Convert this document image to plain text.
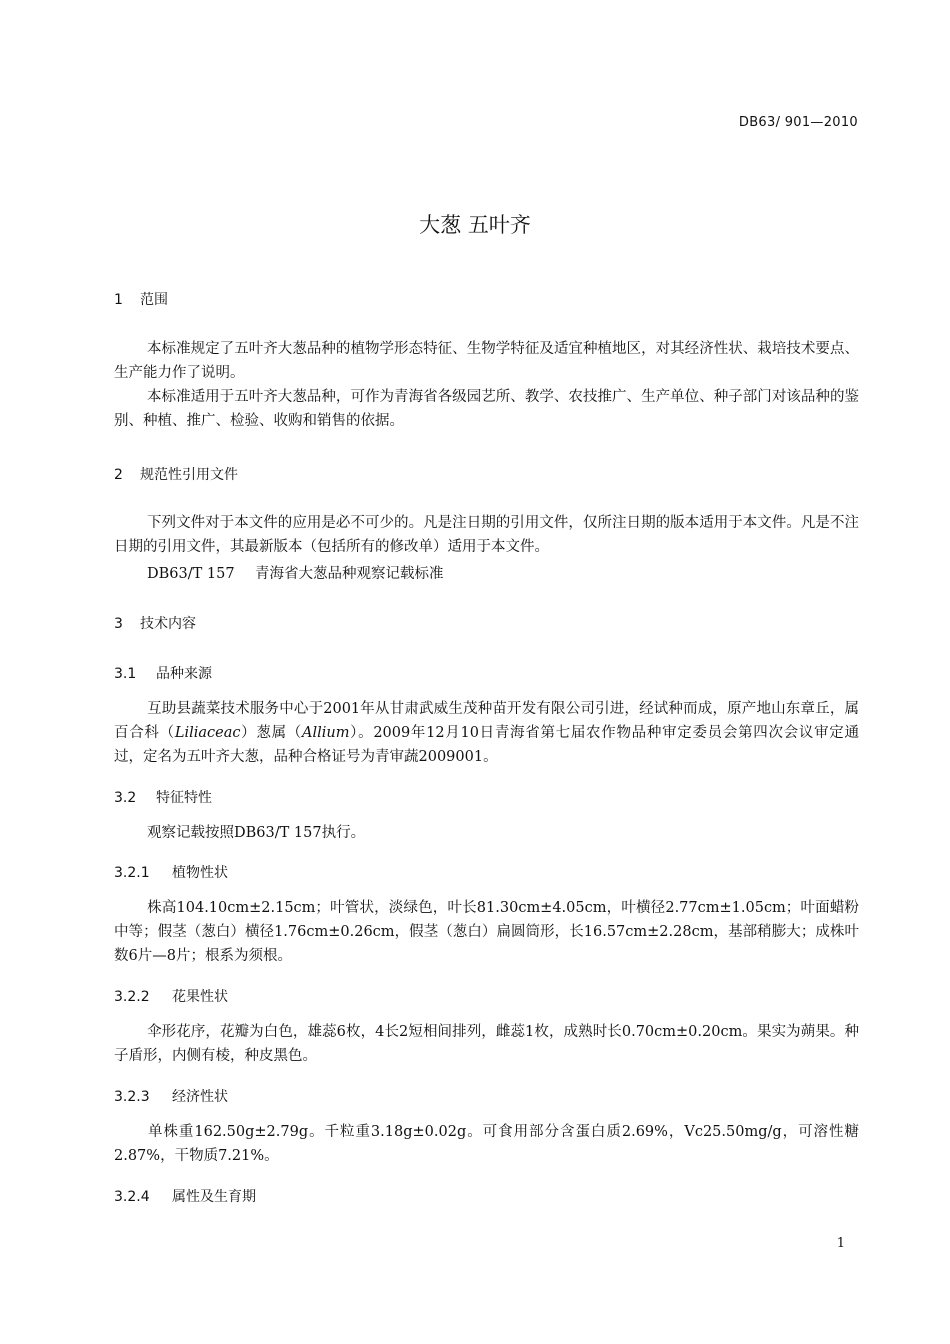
DB63/ 901—2010
大葱 五叶齐
1 范围
本标准规定了五叶齐大葱品种的植物学形态特征、生物学特征及适宜种植地区，对其经济性状、栽培技术要点、生产能力作了说明。
本标准适用于五叶齐大葱品种，可作为青海省各级园艺所、教学、农技推广、生产单位、种子部门对该品种的鉴别、种植、推广、检验、收购和销售的依据。
2 规范性引用文件
下列文件对于本文件的应用是必不可少的。凡是注日期的引用文件，仅所注日期的版本适用于本文件。凡是不注日期的引用文件，其最新版本（包括所有的修改单）适用于本文件。
DB63/T 157 青海省大葱品种观察记载标准
3 技术内容
3.1 品种来源
互助县蔬菜技术服务中心于2001年从甘肃武威生茂种苗开发有限公司引进，经试种而成，原产地山东章丘，属百合科（Liliaceac）葱属（Allium）。2009年12月10日青海省第七届农作物品种审定委员会第四次会议审定通过，定名为五叶齐大葱，品种合格证号为青审蔬2009001。
3.2 特征特性
观察记载按照DB63/T 157执行。
3.2.1 植物性状
株高104.10cm±2.15cm；叶管状，淡绿色，叶长81.30cm±4.05cm，叶横径2.77cm±1.05cm；叶面蜡粉中等；假茎（葱白）横径1.76cm±0.26cm，假茎（葱白）扁圆筒形，长16.57cm±2.28cm，基部稍膨大；成株叶数6片—8片；根系为须根。
3.2.2 花果性状
伞形花序，花瓣为白色，雄蕊6枚，4长2短相间排列，雌蕊1枚，成熟时长0.70cm±0.20cm。果实为蒴果。种子盾形，内侧有棱，种皮黑色。
3.2.3 经济性状
单株重162.50g±2.79g。千粒重3.18g±0.02g。可食用部分含蛋白质2.69%，Vc25.50mg/g，可溶性糖2.87%，干物质7.21%。
3.2.4 属性及生育期
1
